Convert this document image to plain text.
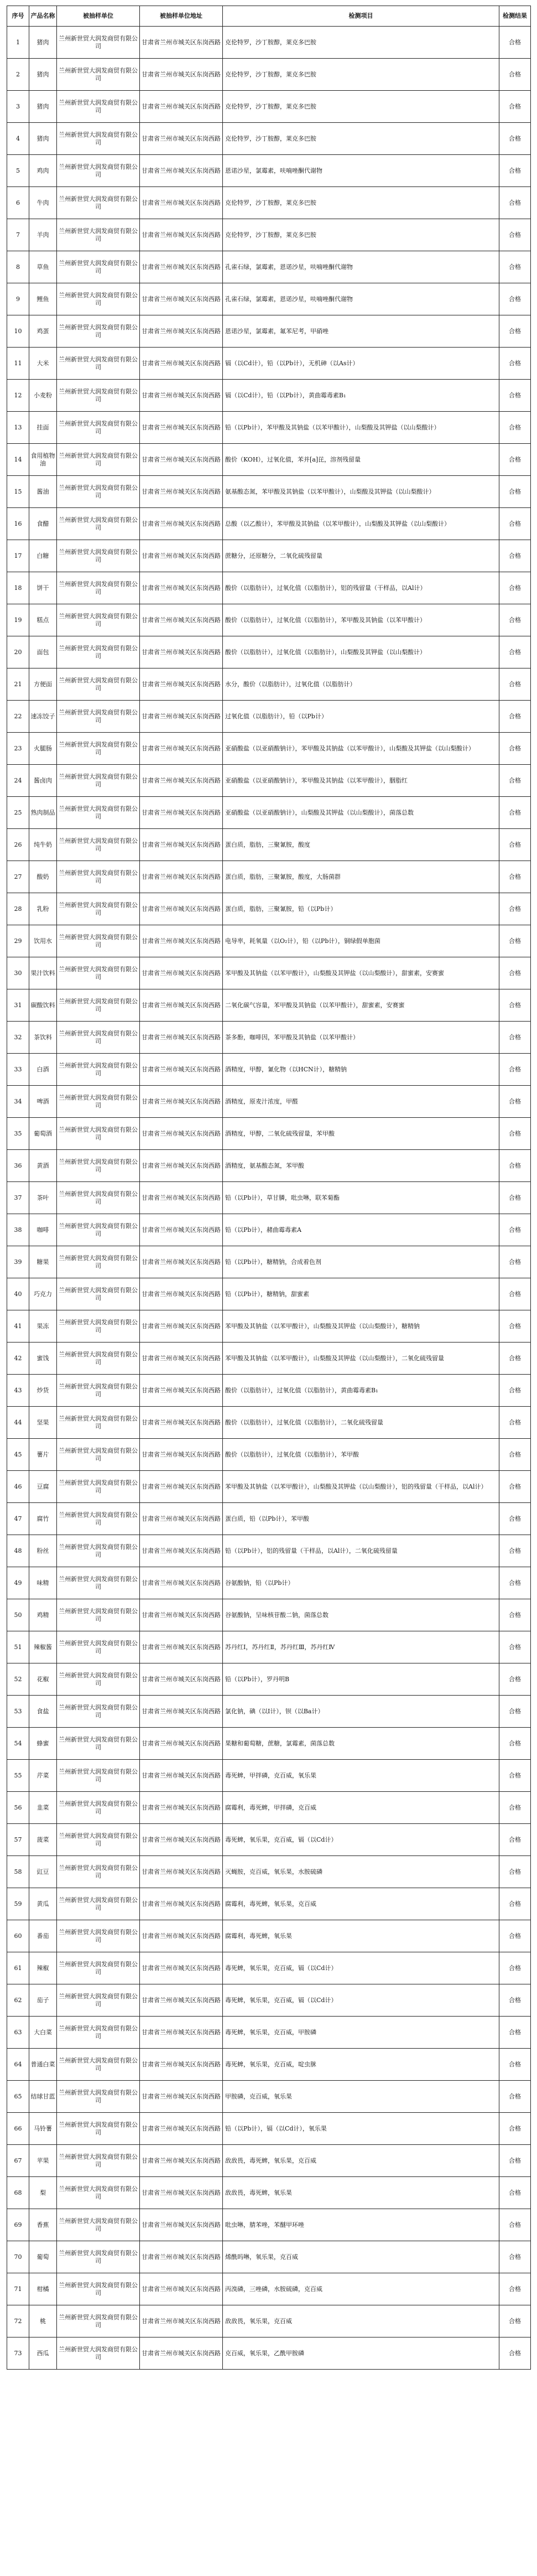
序号	产品名称	被抽样单位	被抽样单位地址	检测项目	检测结果
1	猪肉	兰州新世贸大润发商贸有限公司	甘肃省兰州市城关区东岗西路	克伦特罗，沙丁胺醇，莱克多巴胺	合格
2	猪肉	兰州新世贸大润发商贸有限公司	甘肃省兰州市城关区东岗西路	克伦特罗，沙丁胺醇，莱克多巴胺	合格
3	猪肉	兰州新世贸大润发商贸有限公司	甘肃省兰州市城关区东岗西路	克伦特罗，沙丁胺醇，莱克多巴胺	合格
4	猪肉	兰州新世贸大润发商贸有限公司	甘肃省兰州市城关区东岗西路	克伦特罗，沙丁胺醇，莱克多巴胺	合格
5	鸡肉	兰州新世贸大润发商贸有限公司	甘肃省兰州市城关区东岗西路	恩诺沙星，氯霉素，呋喃唑酮代谢物	合格
6	牛肉	兰州新世贸大润发商贸有限公司	甘肃省兰州市城关区东岗西路	克伦特罗，沙丁胺醇，莱克多巴胺	合格
7	羊肉	兰州新世贸大润发商贸有限公司	甘肃省兰州市城关区东岗西路	克伦特罗，沙丁胺醇，莱克多巴胺	合格
8	草鱼	兰州新世贸大润发商贸有限公司	甘肃省兰州市城关区东岗西路	孔雀石绿，氯霉素，恩诺沙星，呋喃唑酮代谢物	合格
9	鲤鱼	兰州新世贸大润发商贸有限公司	甘肃省兰州市城关区东岗西路	孔雀石绿，氯霉素，恩诺沙星，呋喃唑酮代谢物	合格
10	鸡蛋	兰州新世贸大润发商贸有限公司	甘肃省兰州市城关区东岗西路	恩诺沙星，氯霉素，氟苯尼考，甲硝唑	合格
11	大米	兰州新世贸大润发商贸有限公司	甘肃省兰州市城关区东岗西路	镉（以Cd计），铅（以Pb计），无机砷（以As计）	合格
12	小麦粉	兰州新世贸大润发商贸有限公司	甘肃省兰州市城关区东岗西路	镉（以Cd计），铅（以Pb计），黄曲霉毒素B₁	合格
13	挂面	兰州新世贸大润发商贸有限公司	甘肃省兰州市城关区东岗西路	铅（以Pb计），苯甲酸及其钠盐（以苯甲酸计），山梨酸及其钾盐（以山梨酸计）	合格
14	食用植物油	兰州新世贸大润发商贸有限公司	甘肃省兰州市城关区东岗西路	酸价（KOH），过氧化值，苯并[a]芘，溶剂残留量	合格
15	酱油	兰州新世贸大润发商贸有限公司	甘肃省兰州市城关区东岗西路	氨基酸态氮，苯甲酸及其钠盐（以苯甲酸计），山梨酸及其钾盐（以山梨酸计）	合格
16	食醋	兰州新世贸大润发商贸有限公司	甘肃省兰州市城关区东岗西路	总酸（以乙酸计），苯甲酸及其钠盐（以苯甲酸计），山梨酸及其钾盐（以山梨酸计）	合格
17	白糖	兰州新世贸大润发商贸有限公司	甘肃省兰州市城关区东岗西路	蔗糖分，还原糖分，二氧化硫残留量	合格
18	饼干	兰州新世贸大润发商贸有限公司	甘肃省兰州市城关区东岗西路	酸价（以脂肪计），过氧化值（以脂肪计），铝的残留量（干样品，以Al计）	合格
19	糕点	兰州新世贸大润发商贸有限公司	甘肃省兰州市城关区东岗西路	酸价（以脂肪计），过氧化值（以脂肪计），苯甲酸及其钠盐（以苯甲酸计）	合格
20	面包	兰州新世贸大润发商贸有限公司	甘肃省兰州市城关区东岗西路	酸价（以脂肪计），过氧化值（以脂肪计），山梨酸及其钾盐（以山梨酸计）	合格
21	方便面	兰州新世贸大润发商贸有限公司	甘肃省兰州市城关区东岗西路	水分，酸价（以脂肪计），过氧化值（以脂肪计）	合格
22	速冻饺子	兰州新世贸大润发商贸有限公司	甘肃省兰州市城关区东岗西路	过氧化值（以脂肪计），铅（以Pb计）	合格
23	火腿肠	兰州新世贸大润发商贸有限公司	甘肃省兰州市城关区东岗西路	亚硝酸盐（以亚硝酸钠计），苯甲酸及其钠盐（以苯甲酸计），山梨酸及其钾盐（以山梨酸计）	合格
24	酱卤肉	兰州新世贸大润发商贸有限公司	甘肃省兰州市城关区东岗西路	亚硝酸盐（以亚硝酸钠计），苯甲酸及其钠盐（以苯甲酸计），胭脂红	合格
25	熟肉制品	兰州新世贸大润发商贸有限公司	甘肃省兰州市城关区东岗西路	亚硝酸盐（以亚硝酸钠计），山梨酸及其钾盐（以山梨酸计），菌落总数	合格
26	纯牛奶	兰州新世贸大润发商贸有限公司	甘肃省兰州市城关区东岗西路	蛋白质，脂肪，三聚氰胺，酸度	合格
27	酸奶	兰州新世贸大润发商贸有限公司	甘肃省兰州市城关区东岗西路	蛋白质，脂肪，三聚氰胺，酸度，大肠菌群	合格
28	乳粉	兰州新世贸大润发商贸有限公司	甘肃省兰州市城关区东岗西路	蛋白质，脂肪，三聚氰胺，铅（以Pb计）	合格
29	饮用水	兰州新世贸大润发商贸有限公司	甘肃省兰州市城关区东岗西路	电导率，耗氧量（以O₂计），铅（以Pb计），铜绿假单胞菌	合格
30	果汁饮料	兰州新世贸大润发商贸有限公司	甘肃省兰州市城关区东岗西路	苯甲酸及其钠盐（以苯甲酸计），山梨酸及其钾盐（以山梨酸计），甜蜜素，安赛蜜	合格
31	碳酸饮料	兰州新世贸大润发商贸有限公司	甘肃省兰州市城关区东岗西路	二氧化碳气容量，苯甲酸及其钠盐（以苯甲酸计），甜蜜素，安赛蜜	合格
32	茶饮料	兰州新世贸大润发商贸有限公司	甘肃省兰州市城关区东岗西路	茶多酚，咖啡因，苯甲酸及其钠盐（以苯甲酸计）	合格
33	白酒	兰州新世贸大润发商贸有限公司	甘肃省兰州市城关区东岗西路	酒精度，甲醇，氰化物（以HCN计），糖精钠	合格
34	啤酒	兰州新世贸大润发商贸有限公司	甘肃省兰州市城关区东岗西路	酒精度，原麦汁浓度，甲醛	合格
35	葡萄酒	兰州新世贸大润发商贸有限公司	甘肃省兰州市城关区东岗西路	酒精度，甲醇，二氧化硫残留量，苯甲酸	合格
36	黄酒	兰州新世贸大润发商贸有限公司	甘肃省兰州市城关区东岗西路	酒精度，氨基酸态氮，苯甲酸	合格
37	茶叶	兰州新世贸大润发商贸有限公司	甘肃省兰州市城关区东岗西路	铅（以Pb计），草甘膦，吡虫啉，联苯菊酯	合格
38	咖啡	兰州新世贸大润发商贸有限公司	甘肃省兰州市城关区东岗西路	铅（以Pb计），赭曲霉毒素A	合格
39	糖果	兰州新世贸大润发商贸有限公司	甘肃省兰州市城关区东岗西路	铅（以Pb计），糖精钠，合成着色剂	合格
40	巧克力	兰州新世贸大润发商贸有限公司	甘肃省兰州市城关区东岗西路	铅（以Pb计），糖精钠，甜蜜素	合格
41	果冻	兰州新世贸大润发商贸有限公司	甘肃省兰州市城关区东岗西路	苯甲酸及其钠盐（以苯甲酸计），山梨酸及其钾盐（以山梨酸计），糖精钠	合格
42	蜜饯	兰州新世贸大润发商贸有限公司	甘肃省兰州市城关区东岗西路	苯甲酸及其钠盐（以苯甲酸计），山梨酸及其钾盐（以山梨酸计），二氧化硫残留量	合格
43	炒货	兰州新世贸大润发商贸有限公司	甘肃省兰州市城关区东岗西路	酸价（以脂肪计），过氧化值（以脂肪计），黄曲霉毒素B₁	合格
44	坚果	兰州新世贸大润发商贸有限公司	甘肃省兰州市城关区东岗西路	酸价（以脂肪计），过氧化值（以脂肪计），二氧化硫残留量	合格
45	薯片	兰州新世贸大润发商贸有限公司	甘肃省兰州市城关区东岗西路	酸价（以脂肪计），过氧化值（以脂肪计），苯甲酸	合格
46	豆腐	兰州新世贸大润发商贸有限公司	甘肃省兰州市城关区东岗西路	苯甲酸及其钠盐（以苯甲酸计），山梨酸及其钾盐（以山梨酸计），铝的残留量（干样品，以Al计）	合格
47	腐竹	兰州新世贸大润发商贸有限公司	甘肃省兰州市城关区东岗西路	蛋白质，铅（以Pb计），苯甲酸	合格
48	粉丝	兰州新世贸大润发商贸有限公司	甘肃省兰州市城关区东岗西路	铅（以Pb计），铝的残留量（干样品，以Al计），二氧化硫残留量	合格
49	味精	兰州新世贸大润发商贸有限公司	甘肃省兰州市城关区东岗西路	谷氨酸钠，铅（以Pb计）	合格
50	鸡精	兰州新世贸大润发商贸有限公司	甘肃省兰州市城关区东岗西路	谷氨酸钠，呈味核苷酸二钠，菌落总数	合格
51	辣椒酱	兰州新世贸大润发商贸有限公司	甘肃省兰州市城关区东岗西路	苏丹红Ⅰ，苏丹红Ⅱ，苏丹红Ⅲ，苏丹红Ⅳ	合格
52	花椒	兰州新世贸大润发商贸有限公司	甘肃省兰州市城关区东岗西路	铅（以Pb计），罗丹明B	合格
53	食盐	兰州新世贸大润发商贸有限公司	甘肃省兰州市城关区东岗西路	氯化钠，碘（以I计），钡（以Ba计）	合格
54	蜂蜜	兰州新世贸大润发商贸有限公司	甘肃省兰州市城关区东岗西路	果糖和葡萄糖，蔗糖，氯霉素，菌落总数	合格
55	芹菜	兰州新世贸大润发商贸有限公司	甘肃省兰州市城关区东岗西路	毒死蜱，甲拌磷，克百威，氧乐果	合格
56	韭菜	兰州新世贸大润发商贸有限公司	甘肃省兰州市城关区东岗西路	腐霉利，毒死蜱，甲拌磷，克百威	合格
57	菠菜	兰州新世贸大润发商贸有限公司	甘肃省兰州市城关区东岗西路	毒死蜱，氧乐果，克百威，镉（以Cd计）	合格
58	豇豆	兰州新世贸大润发商贸有限公司	甘肃省兰州市城关区东岗西路	灭蝇胺，克百威，氧乐果，水胺硫磷	合格
59	黄瓜	兰州新世贸大润发商贸有限公司	甘肃省兰州市城关区东岗西路	腐霉利，毒死蜱，氧乐果，克百威	合格
60	番茄	兰州新世贸大润发商贸有限公司	甘肃省兰州市城关区东岗西路	腐霉利，毒死蜱，氧乐果	合格
61	辣椒	兰州新世贸大润发商贸有限公司	甘肃省兰州市城关区东岗西路	毒死蜱，氧乐果，克百威，镉（以Cd计）	合格
62	茄子	兰州新世贸大润发商贸有限公司	甘肃省兰州市城关区东岗西路	毒死蜱，氧乐果，克百威，镉（以Cd计）	合格
63	大白菜	兰州新世贸大润发商贸有限公司	甘肃省兰州市城关区东岗西路	毒死蜱，氧乐果，克百威，甲胺磷	合格
64	普通白菜	兰州新世贸大润发商贸有限公司	甘肃省兰州市城关区东岗西路	毒死蜱，氧乐果，克百威，啶虫脒	合格
65	结球甘蓝	兰州新世贸大润发商贸有限公司	甘肃省兰州市城关区东岗西路	甲胺磷，克百威，氧乐果	合格
66	马铃薯	兰州新世贸大润发商贸有限公司	甘肃省兰州市城关区东岗西路	铅（以Pb计），镉（以Cd计），氧乐果	合格
67	苹果	兰州新世贸大润发商贸有限公司	甘肃省兰州市城关区东岗西路	敌敌畏，毒死蜱，氧乐果，克百威	合格
68	梨	兰州新世贸大润发商贸有限公司	甘肃省兰州市城关区东岗西路	敌敌畏，毒死蜱，氧乐果	合格
69	香蕉	兰州新世贸大润发商贸有限公司	甘肃省兰州市城关区东岗西路	吡虫啉，腈苯唑，苯醚甲环唑	合格
70	葡萄	兰州新世贸大润发商贸有限公司	甘肃省兰州市城关区东岗西路	烯酰吗啉，氧乐果，克百威	合格
71	柑橘	兰州新世贸大润发商贸有限公司	甘肃省兰州市城关区东岗西路	丙溴磷，三唑磷，水胺硫磷，克百威	合格
72	桃	兰州新世贸大润发商贸有限公司	甘肃省兰州市城关区东岗西路	敌敌畏，氧乐果，克百威	合格
73	西瓜	兰州新世贸大润发商贸有限公司	甘肃省兰州市城关区东岗西路	克百威，氧乐果，乙酰甲胺磷	合格
